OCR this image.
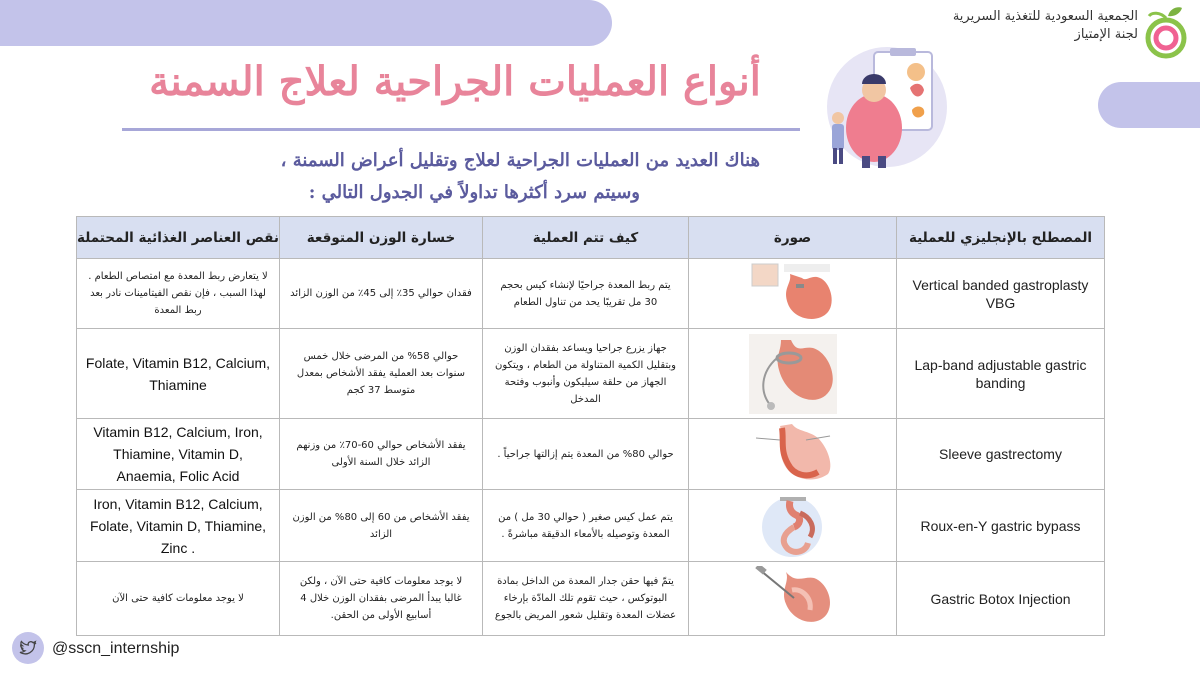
الجمعية السعودية للتغذية السريرية
لجنة الإمتياز
أنواع العمليات الجراحية لعلاج السمنة
هناك العديد من العمليات الجراحية لعلاج وتقليل أعراض السمنة ،
وسيتم سرد أكثرها تداولاً في الجدول التالي :
المصطلح بالإنجليزي للعملية	صورة	كيف تتم العملية	خسارة الوزن المتوقعة	نقص العناصر الغذائية المحتملة
Vertical banded gastroplasty VBG		يتم ربط المعدة جراحيًا لإنشاء كيس بحجم 30 مل تقريبًا يحد من تناول الطعام	فقدان حوالي 35٪ إلى 45٪ من الوزن الزائد	لا يتعارض ربط المعدة مع امتصاص الطعام . لهذا السبب ، فإن نقص الفيتامينات نادر بعد ربط المعدة
Lap-band adjustable gastric banding		جهاز يزرع جراحيا ويساعد بفقدان الوزن وبتقليل الكمية المتناولة من الطعام ، ويتكون الجهاز من حلقة سيليكون وأنبوب وفتحة المدخل	حوالي 58% من المرضى خلال خمس سنوات بعد العملية يفقد الأشخاص بمعدل متوسط 37 كجم	Folate, Vitamin B12, Calcium, Thiamine
Sleeve gastrectomy		حوالي 80% من المعدة يتم إزالتها جراحياً .	يفقد الأشخاص حوالي 60-70٪ من وزنهم الزائد خلال السنة الأولى	Vitamin B12, Calcium, Iron, Thiamine, Vitamin D, Anaemia, Folic Acid
Roux-en-Y gastric bypass		يتم عمل كيس صغير ( حوالي 30 مل ) من المعدة وتوصيله بالأمعاء الدقيقة مباشرةً .	يفقد الأشخاص من 60 إلى 80% من الوزن الزائد	Iron, Vitamin B12, Calcium, Folate, Vitamin D, Thiamine, Zinc .
Gastric Botox Injection		يتمّ فيها حقن جدار المعدة من الداخل بمادة البوتوكس ، حيث تقوم تلك المادّة بإرخاء عضلات المعدة وتقليل شعور المريض بالجوع	لا يوجد معلومات كافية حتى الآن ، ولكن غالبا يبدأ المرضى بفقدان الوزن خلال 4 أسابيع الأولى من الحقن.	لا يوجد معلومات كافية حتى الآن
@sscn_internship
